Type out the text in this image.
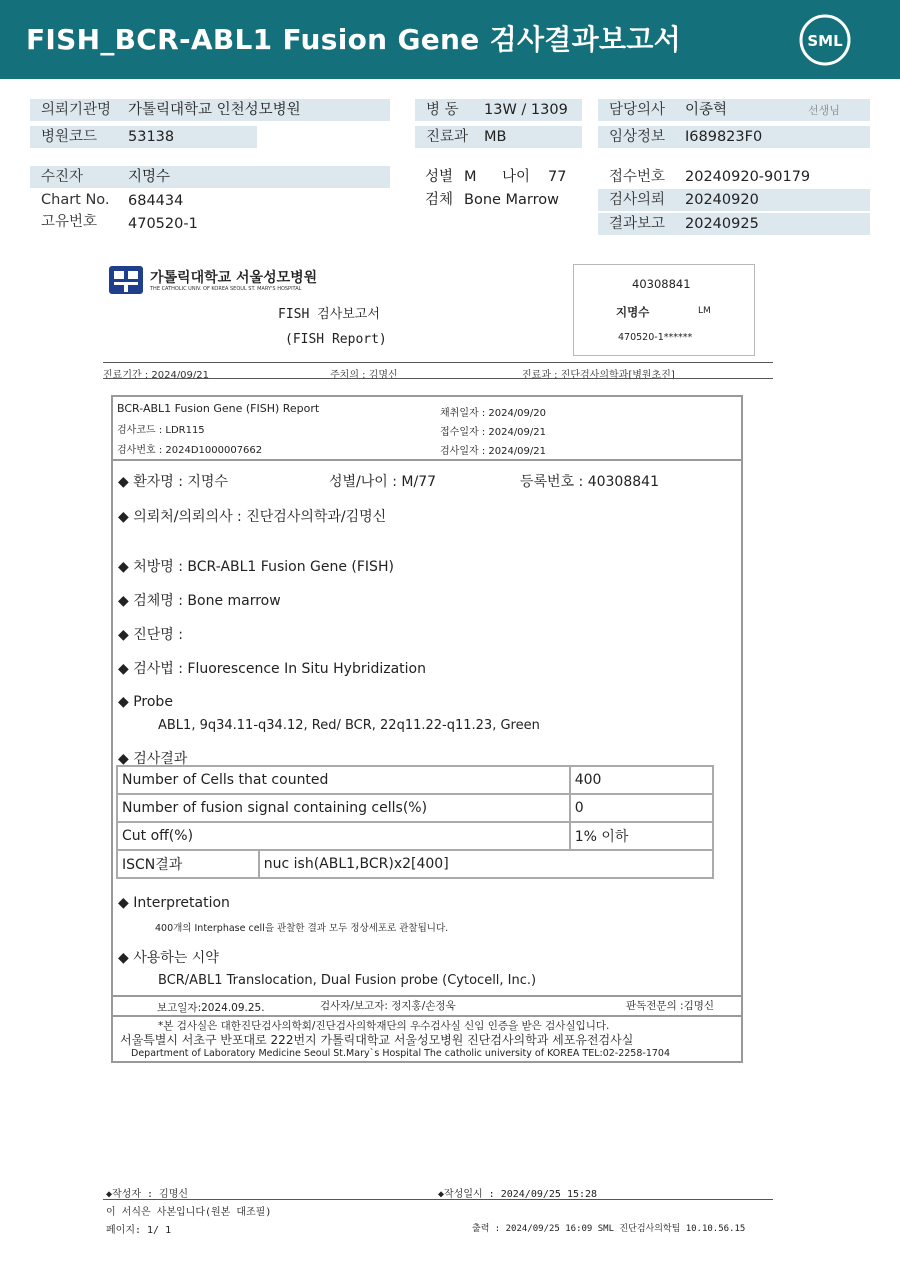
FISH_BCR-ABL1 Fusion Gene 검사결과보고서	SML
의뢰기관명	가톨릭대학교 인천성모병원
병원코드	53138
병 동	13W / 1309
진료과	MB
담당의사	이종혁	선생님
임상정보	I689823F0
수진자	지명수
Chart No. 684434
고유번호 470520-1
성별 M 나이 77
검체 Bone Marrow
접수번호 20240920-90179
검사의뢰	20240920
결과보고	20240925
가톨릭대학교 서울성모병원
THE CATHOLIC UNIV. OF KOREA SEOUL ST. MARY'S HOSPITAL
FISH 검사보고서
(FISH Report)
40308841
지명수	LM
470520-1******
진료기간 : 2024/09/21	주치의 : 김명신	진료과 : 진단검사의학과[병원초진]
BCR-ABL1 Fusion Gene (FISH) Report
검사코드 : LDR115
검사번호 : 2024D1000007662
채취일자 : 2024/09/20
접수일자 : 2024/09/21
검사일자 : 2024/09/21
◆ 환자명 : 지명수	성별/나이 : M/77	등록번호 : 40308841
◆ 의뢰처/의뢰의사 : 진단검사의학과/김명신
◆ 처방명 : BCR-ABL1 Fusion Gene (FISH)
◆ 검체명 : Bone marrow
◆ 진단명 :
◆ 검사법 : Fluorescence In Situ Hybridization
◆ Probe
ABL1, 9q34.11-q34.12, Red/ BCR, 22q11.22-q11.23, Green
◆ 검사결과
Number of Cells that counted		400
Number of fusion signal containing cells(%)		0
Cut off(%)		1% 이하
ISCN결과	nuc ish(ABL1,BCR)x2[400]	
◆ Interpretation
400개의 Interphase cell을 관찰한 결과 모두 정상세포로 관찰됩니다.
◆ 사용하는 시약
BCR/ABL1 Translocation, Dual Fusion probe (Cytocell, Inc.)
보고일자:2024.09.25.	검사자/보고자: 정지홍/손정욱	판독전문의 :김명신
*본 검사실은 대한진단검사의학회/진단검사의학재단의 우수검사실 신임 인증을 받은 검사실입니다.
서울특별시 서초구 반포대로 222번지 가톨릭대학교 서울성모병원 진단검사의학과 세포유전검사실
Department of Laboratory Medicine Seoul St.Mary`s Hospital The catholic university of KOREA TEL:02-2258-1704
◆작성자 : 김명신	◆작성일시 : 2024/09/25 15:28
이 서식은 사본입니다(원본 대조필)
페이지: 1/ 1	출력 : 2024/09/25 16:09 SML 진단검사의학팀 10.10.56.15
